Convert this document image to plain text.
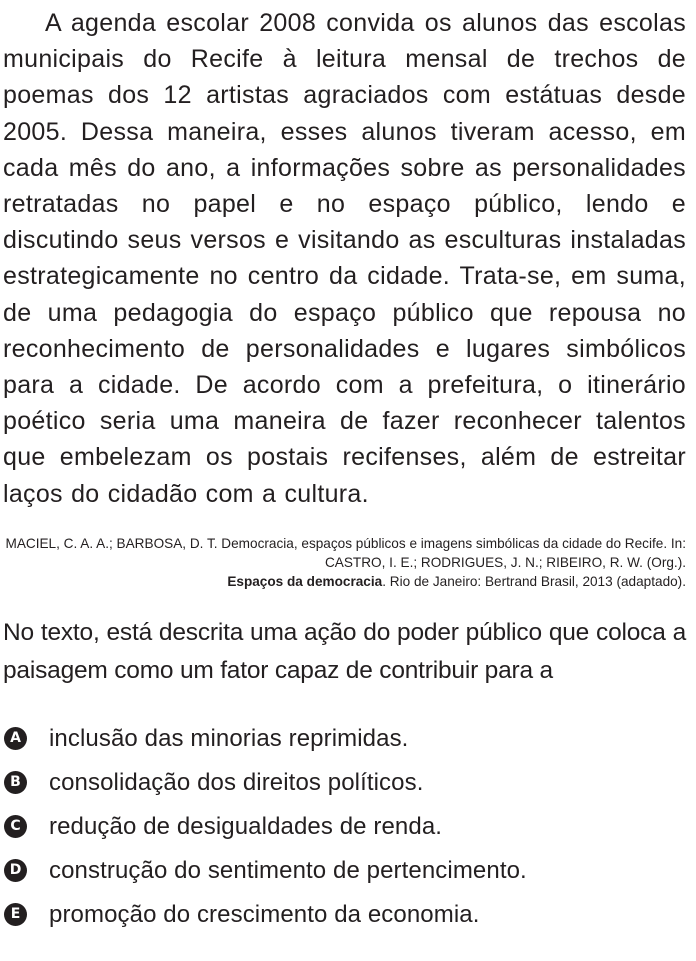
A agenda escolar 2008 convida os alunos das escolas municipais do Recife à leitura mensal de trechos de poemas dos 12 artistas agraciados com estátuas desde 2005. Dessa maneira, esses alunos tiveram acesso, em cada mês do ano, a informações sobre as personalidades retratadas no papel e no espaço público, lendo e discutindo seus versos e visitando as esculturas instaladas estrategicamente no centro da cidade. Trata-se, em suma, de uma pedagogia do espaço público que repousa no reconhecimento de personalidades e lugares simbólicos para a cidade. De acordo com a prefeitura, o itinerário poético seria uma maneira de fazer reconhecer talentos que embelezam os postais recifenses, além de estreitar laços do cidadão com a cultura.

MACIEL, C. A. A.; BARBOSA, D. T. Democracia, espaços públicos e imagens simbólicas da cidade do Recife. In: CASTRO, I. E.; RODRIGUES, J. N.; RIBEIRO, R. W. (Org.).
Espaços da democracia. Rio de Janeiro: Bertrand Brasil, 2013 (adaptado).

No texto, está descrita uma ação do poder público que coloca a paisagem como um fator capaz de contribuir para a

A inclusão das minorias reprimidas.
B consolidação dos direitos políticos.
C redução de desigualdades de renda.
D construção do sentimento de pertencimento.
E promoção do crescimento da economia.
